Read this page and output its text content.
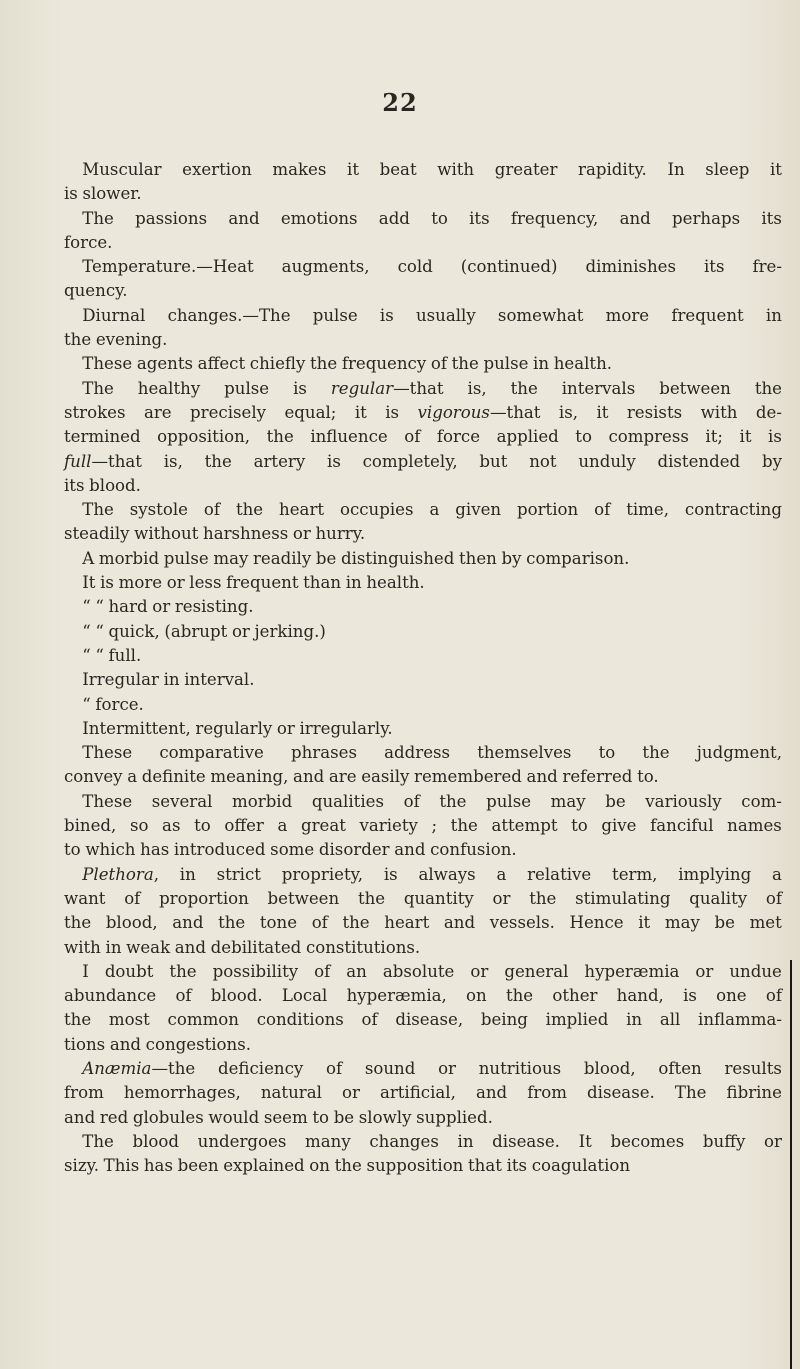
22
Muscular exertion makes it beat with greater rapidity. In sleep it
is slower.
The passions and emotions add to its frequency, and perhaps its
force.
Temperature.—Heat augments, cold (continued) diminishes its fre-
quency.
Diurnal changes.—The pulse is usually somewhat more frequent in
the evening.
These agents affect chiefly the frequency of the pulse in health.
The healthy pulse is regular—that is, the intervals between the
strokes are precisely equal; it is vigorous—that is, it resists with de-
termined opposition, the influence of force applied to compress it; it is
full—that is, the artery is completely, but not unduly distended by
its blood.
The systole of the heart occupies a given portion of time, contracting
steadily without harshness or hurry.
A morbid pulse may readily be distinguished then by comparison.
It is more or less frequent than in health.
“ “ hard or resisting.
“ “ quick, (abrupt or jerking.)
“ “ full.
Irregular in interval.
“ force.
Intermittent, regularly or irregularly.
These comparative phrases address themselves to the judgment,
convey a definite meaning, and are easily remembered and referred to.
These several morbid qualities of the pulse may be variously com-
bined, so as to offer a great variety ; the attempt to give fanciful names
to which has introduced some disorder and confusion.
Plethora, in strict propriety, is always a relative term, implying a
want of proportion between the quantity or the stimulating quality of
the blood, and the tone of the heart and vessels. Hence it may be met
with in weak and debilitated constitutions.
I doubt the possibility of an absolute or general hyperæmia or undue
abundance of blood. Local hyperæmia, on the other hand, is one of
the most common conditions of disease, being implied in all inflamma-
tions and congestions.
Anæmia—the deficiency of sound or nutritious blood, often results
from hemorrhages, natural or artificial, and from disease. The fibrine
and red globules would seem to be slowly supplied.
The blood undergoes many changes in disease. It becomes buffy or
sizy. This has been explained on the supposition that its coagulation
